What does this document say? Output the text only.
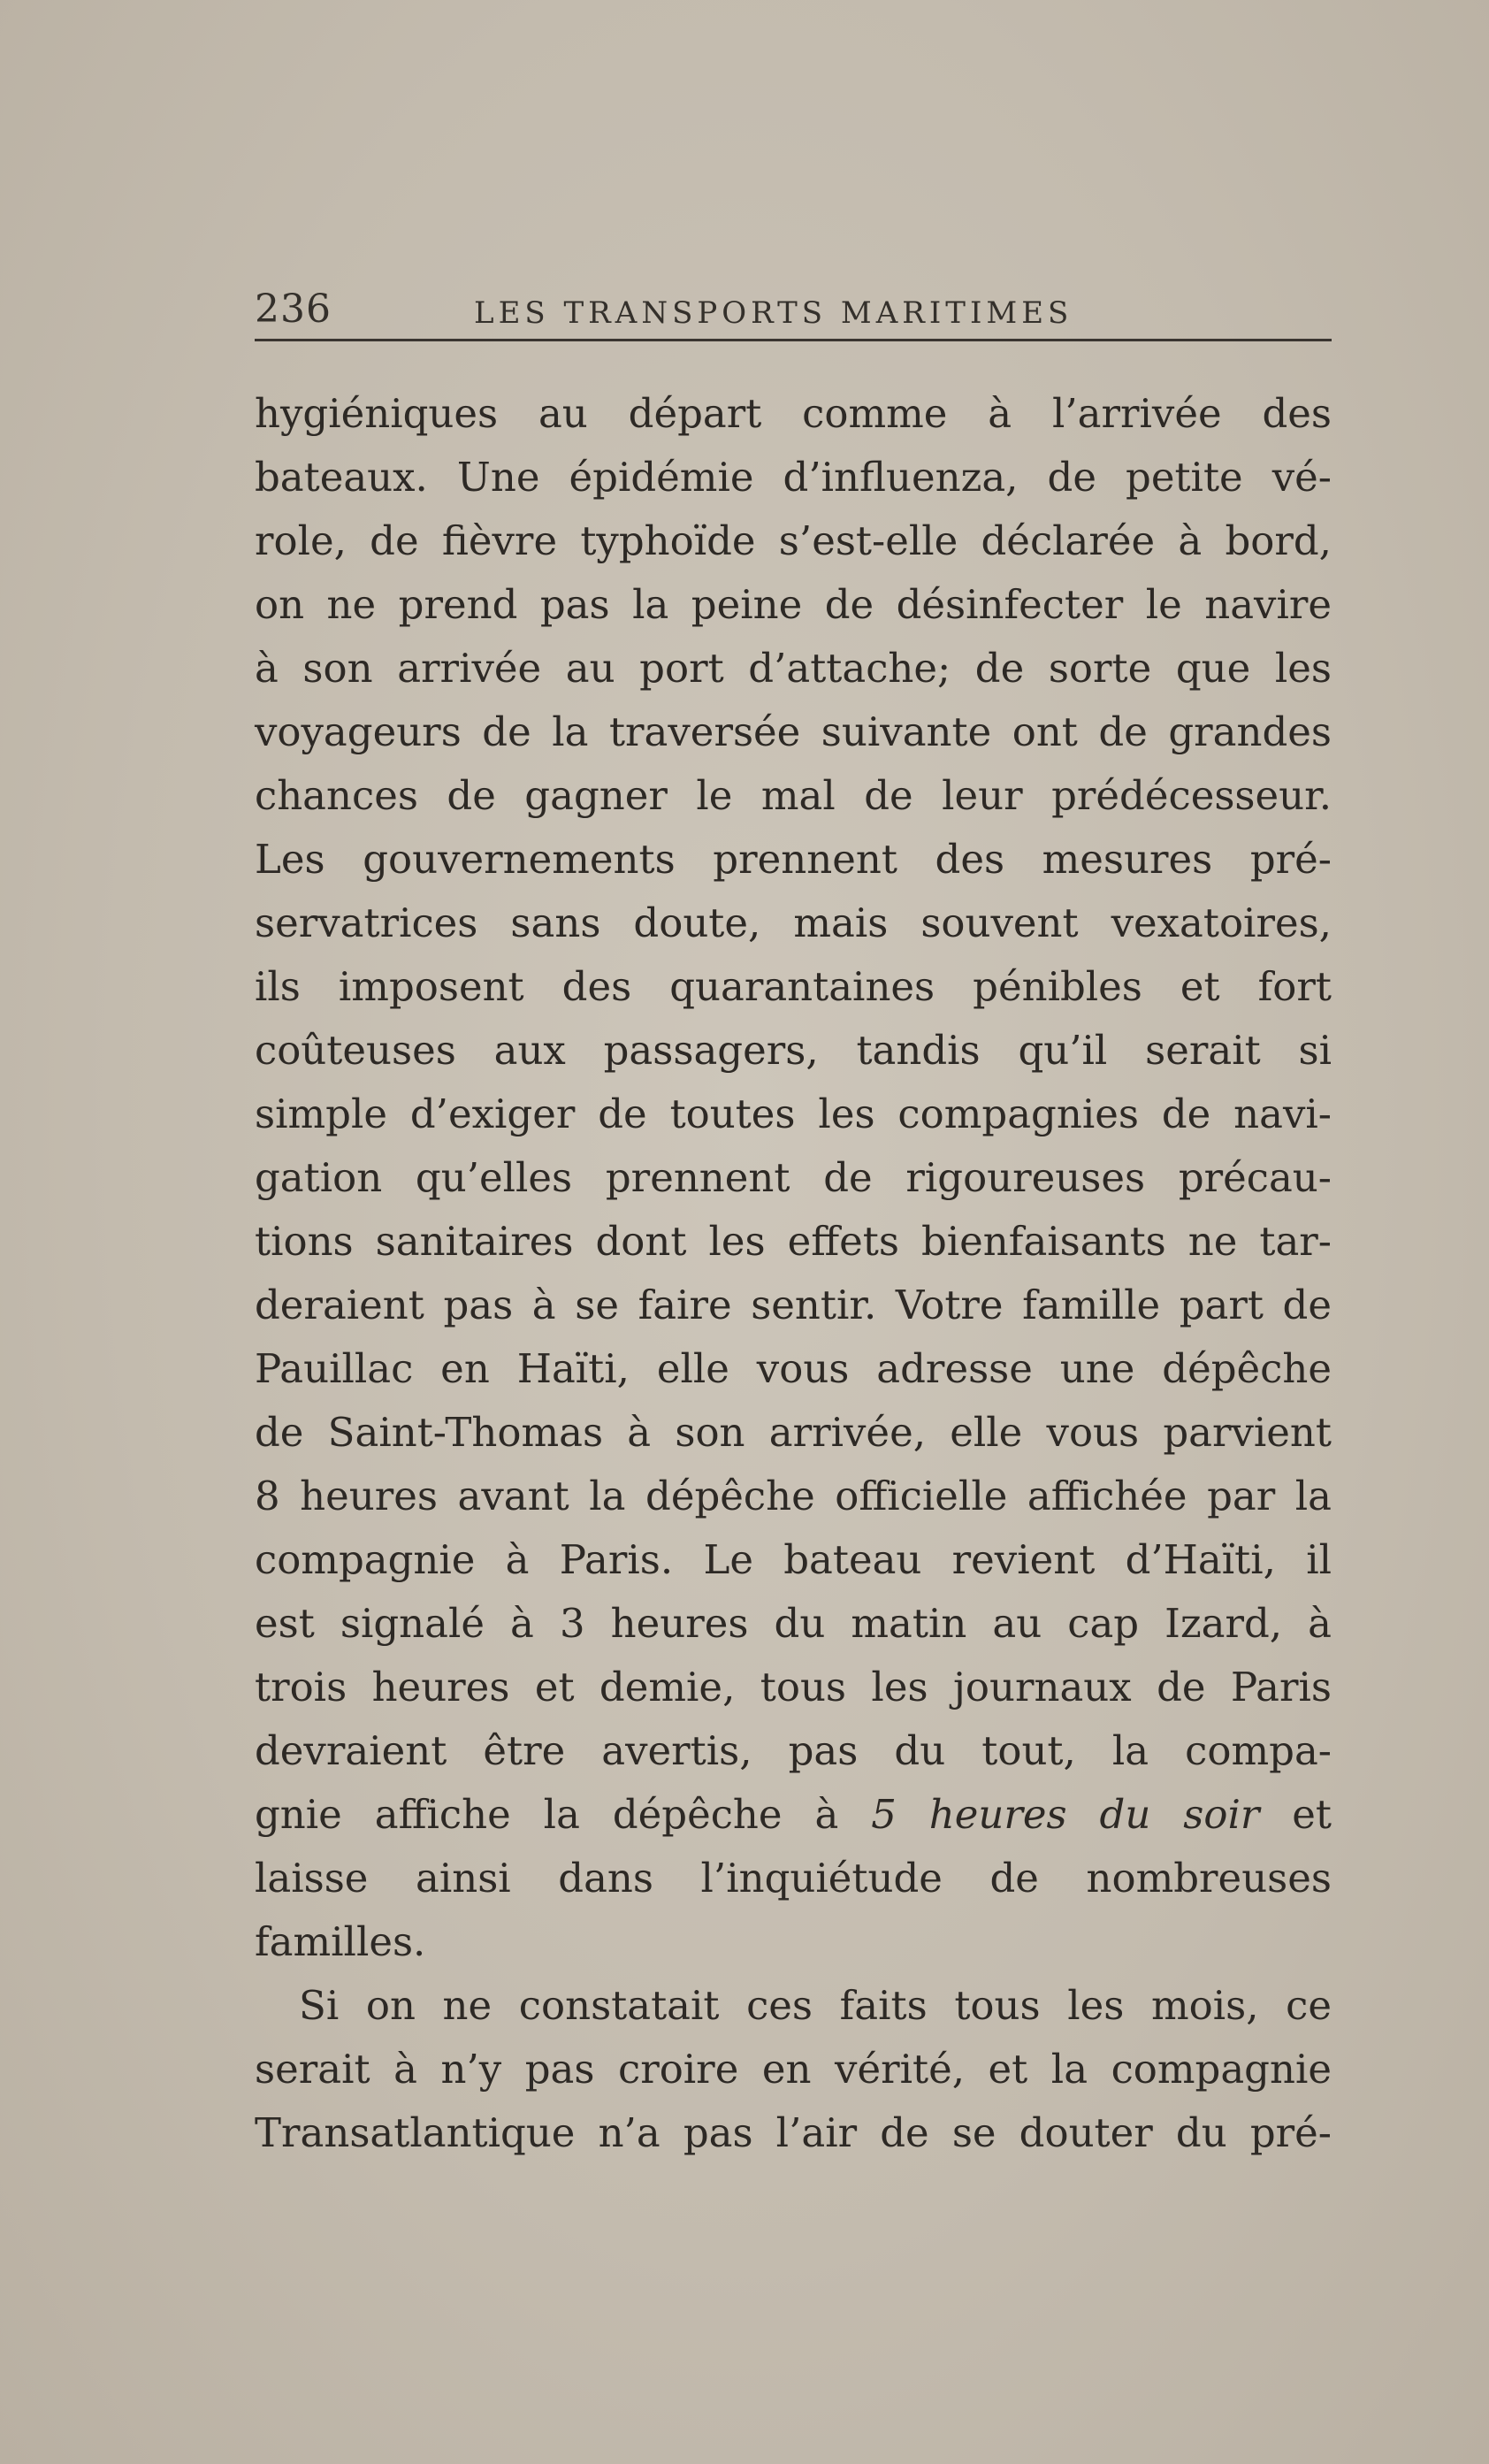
236	LES TRANSPORTS MARITIMES
hygiéniques au départ comme à l’arrivée des
bateaux. Une épidémie d’influenza, de petite vé-
role, de fièvre typhoïde s’est-elle déclarée à bord,
on ne prend pas la peine de désinfecter le navire
à son arrivée au port d’attache; de sorte que les
voyageurs de la traversée suivante ont de grandes
chances de gagner le mal de leur prédécesseur.
Les gouvernements prennent des mesures pré-
servatrices sans doute, mais souvent vexatoires,
ils imposent des quarantaines pénibles et fort
coûteuses aux passagers, tandis qu’il serait si
simple d’exiger de toutes les compagnies de navi-
gation qu’elles prennent de rigoureuses précau-
tions sanitaires dont les effets bienfaisants ne tar-
deraient pas à se faire sentir. Votre famille part de
Pauillac en Haïti, elle vous adresse une dépêche
de Saint-Thomas à son arrivée, elle vous parvient
8 heures avant la dépêche officielle affichée par la
compagnie à Paris. Le bateau revient d’Haïti, il
est signalé à 3 heures du matin au cap Izard, à
trois heures et demie, tous les journaux de Paris
devraient être avertis, pas du tout, la compa-
gnie affiche la dépêche à 5 heures du soir et
laisse ainsi dans l’inquiétude de nombreuses
familles.
Si on ne constatait ces faits tous les mois, ce
serait à n’y pas croire en vérité, et la compagnie
Transatlantique n’a pas l’air de se douter du pré-
